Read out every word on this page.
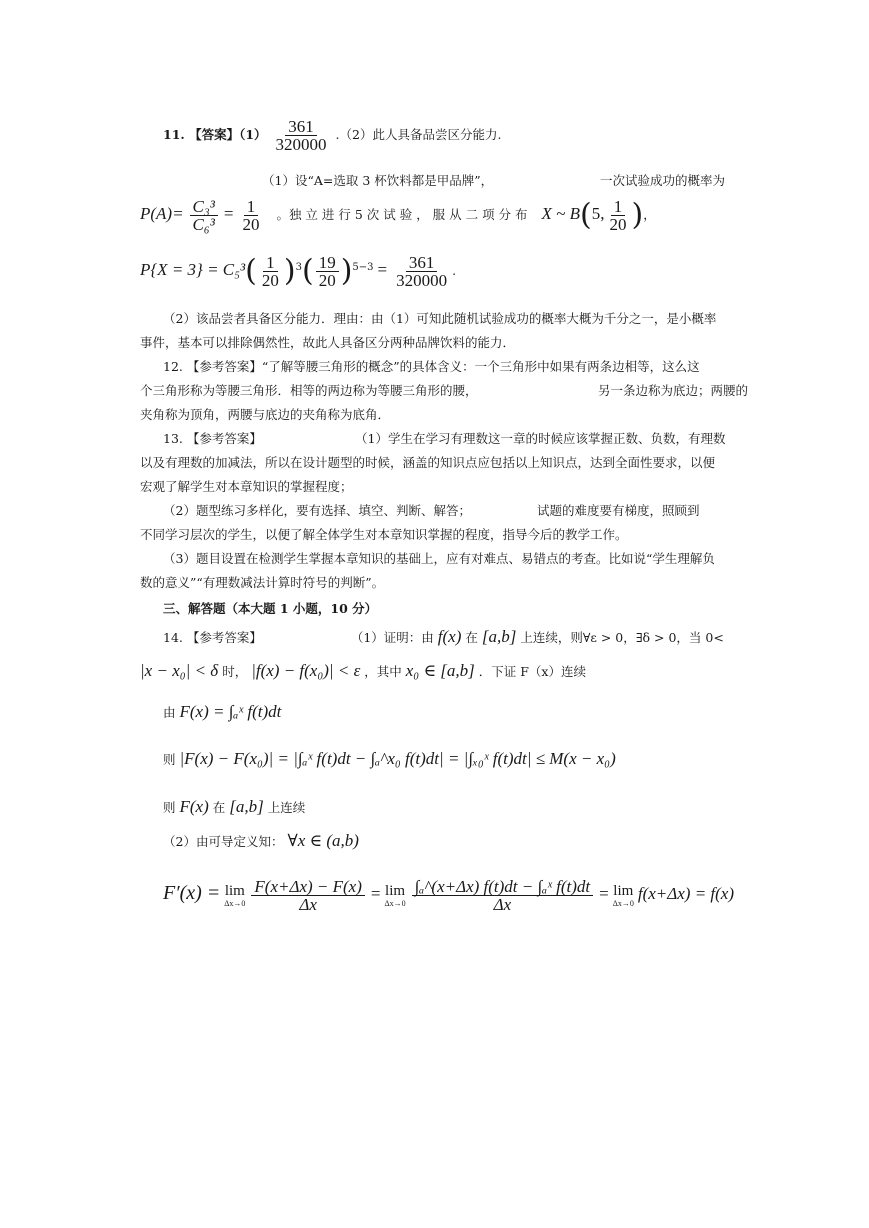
11. 【答案】$(1) \frac{361}{320000} .(2)$此人具备品尝区分能力.
（1）设“A=选取 3 杯饮料都是甲品牌”，	一次试验成功的概率为
$P(A)= \frac{\text{C₃³}}{\text{C₆³}} = \frac{1}{20}$ 。独 立 进 行 5 次 试 验 ， 服 从 二 项 分 布 X ~ B(5, $\frac{1}{20}$ )，
$P\{X = 3\} = C_5^3( \frac{1}{20} )^3( \frac{19}{20} )^{5-3} = \frac{361}{320000}$ .
（2）该品尝者具备区分能力．理由：由（1）可知此随机试验成功的概率大概为千分之一，是小概率
事件，基本可以排除偶然性，故此人具备区分两种品牌饮料的能力．
12. 【参考答案】“了解等腰三角形的概念”的具体含义：一个三角形中如果有两条边相等，这么这
个三角形称为等腰三角形．相等的两边称为等腰三角形的腰，	另一条边称为底边；两腰的
夹角称为顶角，两腰与底边的夹角称为底角．
13. 【参考答案】	（1）学生在学习有理数这一章的时候应该掌握正数、负数，有理数
以及有理数的加减法，所以在设计题型的时候，涵盖的知识点应包括以上知识点，达到全面性要求，以便
宏观了解学生对本章知识的掌握程度；
（2）题型练习多样化，要有选择、填空、判断、解答；	试题的难度要有梯度，照顾到
不同学习层次的学生，以便了解全体学生对本章知识掌握的程度，指导今后的教学工作。
（3）题目设置在检测学生掌握本章知识的基础上，应有对难点、易错点的考查。比如说“学生理解负
数的意义”“有理数减法计算时符号的判断”。
三、解答题（本大题 1 小题，10 分）
14. 【参考答案】	（1）证明：由 f(x) 在 [a,b] 上连续，则∀ε > 0，∃δ > 0，当 0<
|x − x₀| < δ 时， |f(x) − f(x₀)| < ε ，其中 x₀ ∈ [a,b] ．下证 F（x）连续
由 F(x) = ∫ₐˣ f(t)dt
则 |F(x) − F(x₀)| = |∫ₐˣ f(t)dt − ∫ₐ^x₀ f(t)dt| = |∫ₓ₀ˣ f(t)dt| ≤ M(x − x₀)
则 F(x) 在 [a,b] 上连续
（2）由可导定义知： ∀x ∈ (a,b)
F′(x) = lim
Δx→0
$\frac{F(x+\Delta x) - F(x)}{\Delta x} = \lim$
Δx→0
$\frac{\text{∫ₐ\textasciicircum{}(x+Δx) f(t)dt − ∫ₐˣ f(t)dt}}{\Delta x} = \lim$
Δx→0 f(x+Δx) = f(x)
